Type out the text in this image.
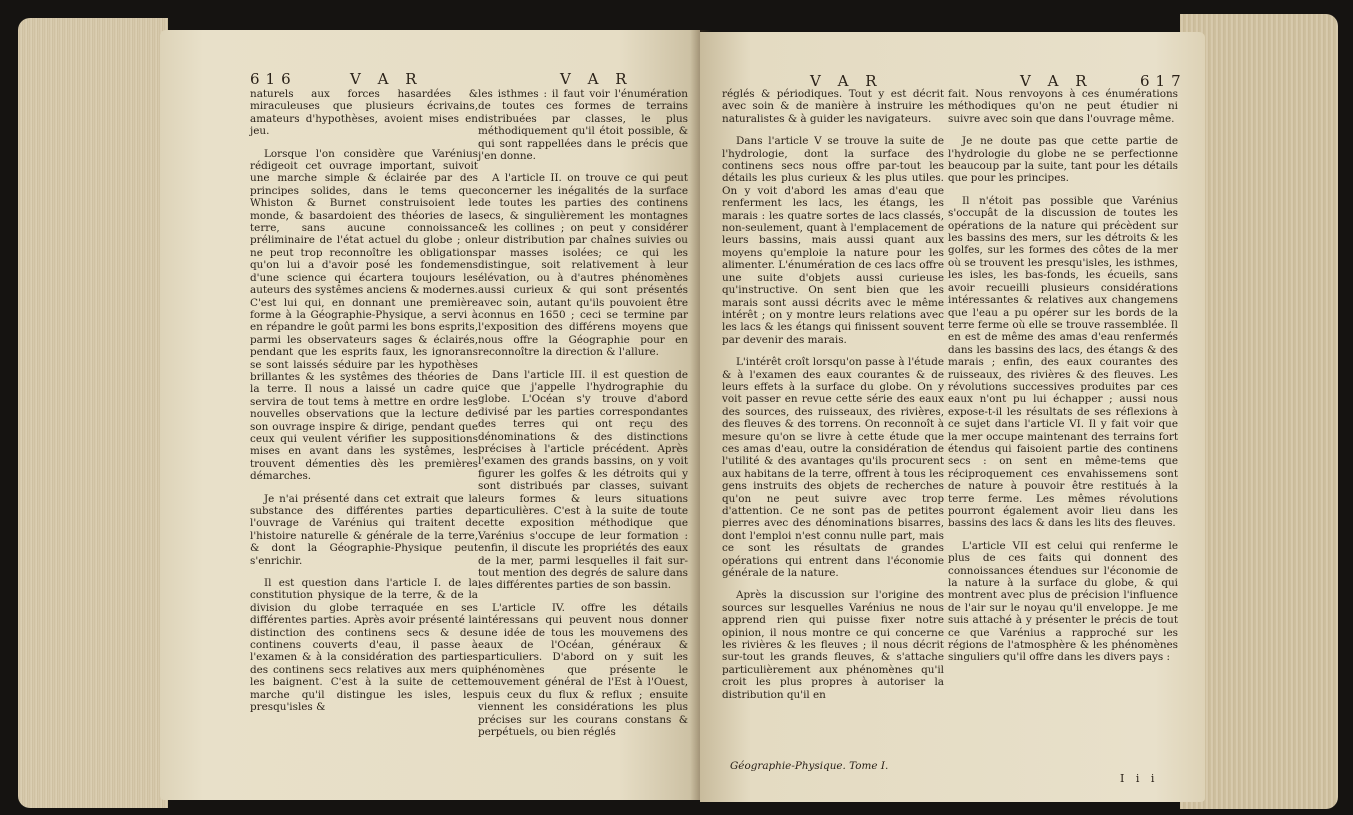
616	V A R	V A R

naturels aux forces hasardées & miraculeuses que plusieurs écrivains, amateurs d'hypothèses, avoient mises en jeu.

Lorsque l'on considère que Varénius rédigeoit cet ouvrage important, suivoit une marche simple & éclairée par des principes solides, dans le tems que Whiston & Burnet construisoient le monde, & basardoient des théories de la terre, sans aucune connoissance préliminaire de l'état actuel du globe ; on ne peut trop reconnoître les obligations qu'on lui a d'avoir posé les fondemens d'une science qui écartera toujours les auteurs des systêmes anciens & modernes. C'est lui qui, en donnant une première forme à la Géographie-Physique, a servi à en répandre le goût parmi les bons esprits, parmi les observateurs sages & éclairés, pendant que les esprits faux, les ignorans se sont laissés séduire par les hypothèses brillantes & les systêmes des théories de la terre. Il nous a laissé un cadre qui servira de tout tems à mettre en ordre les nouvelles observations que la lecture de son ouvrage inspire & dirige, pendant que ceux qui veulent vérifier les suppositions mises en avant dans les systêmes, les trouvent démenties dès les premières démarches.

Je n'ai présenté dans cet extrait que la substance des différentes parties de l'ouvrage de Varénius qui traitent de l'histoire naturelle & générale de la terre, & dont la Géographie-Physique peut s'enrichir.

Il est question dans l'article I. de la constitution physique de la terre, & de la division du globe terraquée en ses différentes parties. Après avoir présenté la distinction des continens secs & des continens couverts d'eau, il passe à l'examen & à la considération des parties des continens secs relatives aux mers qui les baignent. C'est à la suite de cette marche qu'il distingue les isles, les presqu'isles &

les isthmes : il faut voir l'énumération de toutes ces formes de terrains distribuées par classes, le plus méthodiquement qu'il étoit possible, & qui sont rappellées dans le précis que j'en donne.

A l'article II. on trouve ce qui peut concerner les inégalités de la surface de toutes les parties des continens secs, & singulièrement les montagnes & les collines ; on peut y considérer leur distribution par chaînes suivies ou par masses isolées; ce qui les distingue, soit relativement à leur élévation, ou à d'autres phénomènes aussi curieux & qui sont présentés avec soin, autant qu'ils pouvoient être connus en 1650 ; ceci se termine par l'exposition des différens moyens que nous offre la Géographie pour en reconnoître la direction & l'allure.

Dans l'article III. il est question de ce que j'appelle l'hydrographie du globe. L'Océan s'y trouve d'abord divisé par les parties correspondantes des terres qui ont reçu des dénominations & des distinctions précises à l'article précédent. Après l'examen des grands bassins, on y voit figurer les golfes & les détroits qui y sont distribués par classes, suivant leurs formes & leurs situations particulières. C'est à la suite de toute cette exposition méthodique que Varénius s'occupe de leur formation : enfin, il discute les propriétés des eaux de la mer, parmi lesquelles il fait sur-tout mention des degrés de salure dans les différentes parties de son bassin.

L'article IV. offre les détails intéressans qui peuvent nous donner une idée de tous les mouvemens des eaux de l'Océan, généraux & particuliers. D'abord on y suit les phénomènes que présente le mouvement général de l'Est à l'Ouest, puis ceux du flux & reflux ; ensuite viennent les considérations les plus précises sur les courans constans & perpétuels, ou bien réglés

V A R	V A R	617

réglés & périodiques. Tout y est décrit avec soin & de manière à instruire les naturalistes & à guider les navigateurs.

Dans l'article V se trouve la suite de l'hydrologie, dont la surface des continens secs nous offre par-tout les détails les plus curieux & les plus utiles. On y voit d'abord les amas d'eau que renferment les lacs, les étangs, les marais : les quatre sortes de lacs classés, non-seulement, quant à l'emplacement de leurs bassins, mais aussi quant aux moyens qu'emploie la nature pour les alimenter. L'énumération de ces lacs offre une suite d'objets aussi curieuse qu'instructive. On sent bien que les marais sont aussi décrits avec le même intérêt ; on y montre leurs relations avec les lacs & les étangs qui finissent souvent par devenir des marais.

L'intérêt croît lorsqu'on passe à l'étude & à l'examen des eaux courantes & de leurs effets à la surface du globe. On y voit passer en revue cette série des eaux des sources, des ruisseaux, des rivières, des fleuves & des torrens. On reconnoît à mesure qu'on se livre à cette étude que ces amas d'eau, outre la considération de l'utilité & des avantages qu'ils procurent aux habitans de la terre, offrent à tous les gens instruits des objets de recherches qu'on ne peut suivre avec trop d'attention. Ce ne sont pas de petites pierres avec des dénominations bisarres, dont l'emploi n'est connu nulle part, mais ce sont les résultats de grandes opérations qui entrent dans l'économie générale de la nature.

Après la discussion sur l'origine des sources sur lesquelles Varénius ne nous apprend rien qui puisse fixer notre opinion, il nous montre ce qui concerne les rivières & les fleuves ; il nous décrit sur-tout les grands fleuves, & s'attache particulièrement aux phénomènes qu'il croit les plus propres à autoriser la distribution qu'il en

fait. Nous renvoyons à ces énumérations méthodiques qu'on ne peut étudier ni suivre avec soin que dans l'ouvrage même.

Je ne doute pas que cette partie de l'hydrologie du globe ne se perfectionne beaucoup par la suite, tant pour les détails que pour les principes.

Il n'étoit pas possible que Varénius s'occupât de la discussion de toutes les opérations de la nature qui précèdent sur les bassins des mers, sur les détroits & les golfes, sur les formes des côtes de la mer où se trouvent les presqu'isles, les isthmes, les isles, les bas-fonds, les écueils, sans avoir recueilli plusieurs considérations intéressantes & relatives aux changemens que l'eau a pu opérer sur les bords de la terre ferme où elle se trouve rassemblée. Il en est de même des amas d'eau renfermés dans les bassins des lacs, des étangs & des marais ; enfin, des eaux courantes des ruisseaux, des rivières & des fleuves. Les révolutions successives produites par ces eaux n'ont pu lui échapper ; aussi nous expose-t-il les résultats de ses réflexions à ce sujet dans l'article VI. Il y fait voir que la mer occupe maintenant des terrains fort étendus qui faisoient partie des continens secs : on sent en même-tems que réciproquement ces envahissemens sont de nature à pouvoir être restitués à la terre ferme. Les mêmes révolutions pourront également avoir lieu dans les bassins des lacs & dans les lits des fleuves.

L'article VII est celui qui renferme le plus de ces faits qui donnent des connoissances étendues sur l'économie de la nature à la surface du globe, & qui montrent avec plus de précision l'influence de l'air sur le noyau qu'il enveloppe. Je me suis attaché à y présenter le précis de tout ce que Varénius a rapproché sur les régions de l'atmosphère & les phénomènes singuliers qu'il offre dans les divers pays :

Géographie-Physique. Tome I.
I i i
